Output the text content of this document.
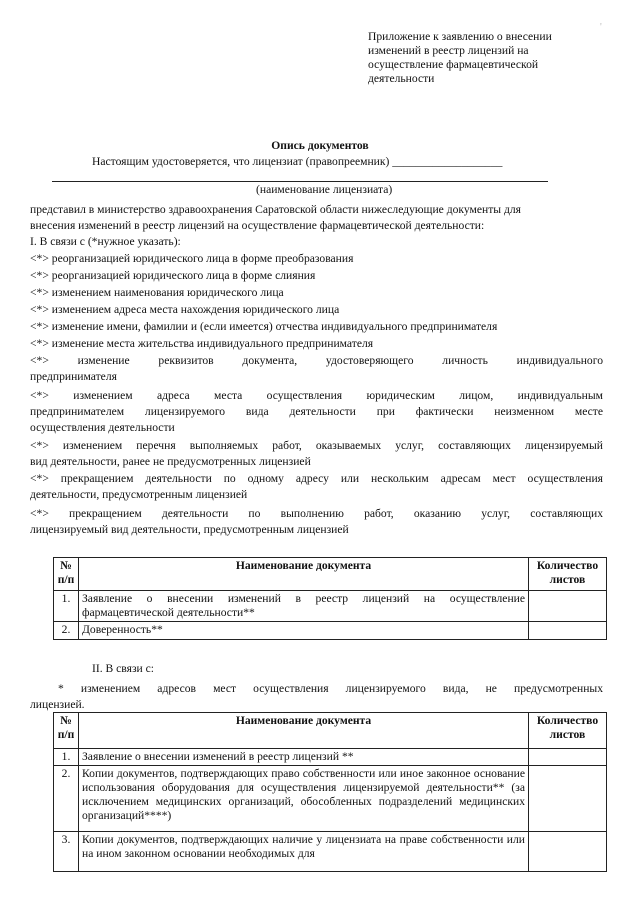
'
Приложение к заявлению о внесении
изменений в реестр лицензий на
осуществление фармацевтической
деятельности
Опись документов
Настоящим удостоверяется, что лицензиат (правопреемник) ___________________
(наименование лицензиата)
представил в министерство здравоохранения Саратовской области нижеследующие документы для
внесения изменений в реестр лицензий на осуществление фармацевтической деятельности:
I. В связи с (*нужное указать):
<*> реорганизацией юридического лица в форме преобразования
<*> реорганизацией юридического лица в форме слияния
<*> изменением наименования юридического лица
<*> изменением адреса места нахождения юридического лица
<*> изменение имени, фамилии и (если имеется) отчества индивидуального предпринимателя
<*> изменение места жительства индивидуального предпринимателя
<*> изменение реквизитов документа, удостоверяющего личность индивидуального
предпринимателя
<*> изменением адреса места осуществления юридическим лицом, индивидуальным
предпринимателем лицензируемого вида деятельности при фактически неизменном месте
осуществления деятельности
<*> изменением перечня выполняемых работ, оказываемых услуг, составляющих лицензируемый
вид деятельности, ранее не предусмотренных лицензией
<*> прекращением деятельности по одному адресу или нескольким адресам мест осуществления
деятельности, предусмотренным лицензией
<*> прекращением деятельности по выполнению работ, оказанию услуг, составляющих
лицензируемый вид деятельности, предусмотренным лицензией
№ п/п	Наименование документа	Количество листов
1.	Заявление о внесении изменений в реестр лицензий на осуществление фармацевтической деятельности**	
2.	Доверенность**	
II. В связи с:
* изменением адресов мест осуществления лицензируемого вида, не предусмотренных
лицензией.
№ п/п	Наименование документа	Количество листов
1.	Заявление о внесении изменений в реестр лицензий **	
2.	Копии документов, подтверждающих право собственности или иное законное основание использования оборудования для осуществления лицензируемой деятельности** (за исключением медицинских организаций, обособленных подразделений медицинских организаций****)	
3.	Копии документов, подтверждающих наличие у лицензиата на праве собственности или на ином законном основании необходимых для	
